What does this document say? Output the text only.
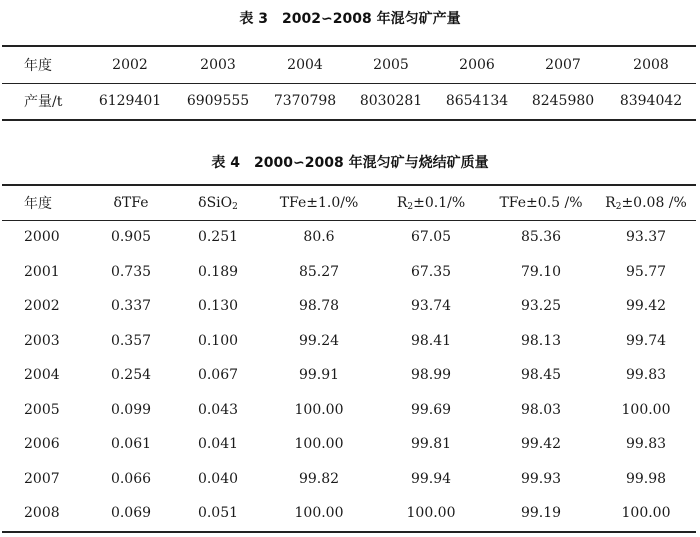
表 3 2002∽2008 年混匀矿产量
年度	2002	2003	2004	2005	2006	2007	2008
产量/t	6129401	6909555	7370798	8030281	8654134	8245980	8394042
表 4 2000∽2008 年混匀矿与烧结矿质量
年度	δTFe	δSiO$_2$	TFe±1.0/%	$R_2\pm 0.1/\%$	TFe±0.5 /%	$R_2\pm 0.08$ /%
2000	0.905	0.251	80.6	67.05	85.36	93.37
2001	0.735	0.189	85.27	67.35	79.10	95.77
2002	0.337	0.130	98.78	93.74	93.25	99.42
2003	0.357	0.100	99.24	98.41	98.13	99.74
2004	0.254	0.067	99.91	98.99	98.45	99.83
2005	0.099	0.043	100.00	99.69	98.03	100.00
2006	0.061	0.041	100.00	99.81	99.42	99.83
2007	0.066	0.040	99.82	99.94	99.93	99.98
2008	0.069	0.051	100.00	100.00	99.19	100.00
